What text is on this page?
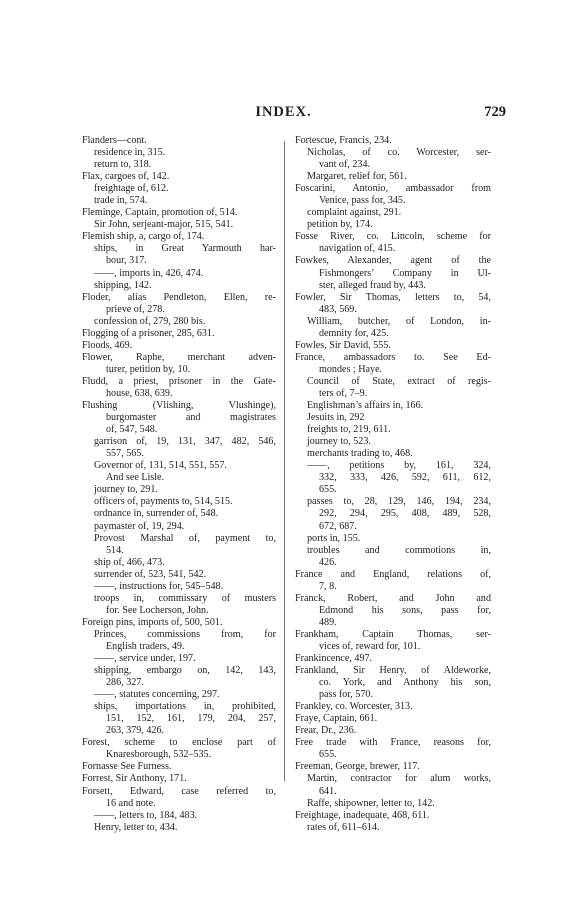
INDEX.	729
Flanders—cont.
residence in, 315.
return to, 318.
Flax, cargoes of, 142.
freightage of, 612.
trade in, 574.
Fleminge, Captain, promotion of, 514.
Sir John, serjeant-major, 515, 541.
Flemish ship, a, cargo of, 174.
ships, in Great Yarmouth har-
bour, 317.
——, imports in, 426, 474.
shipping, 142.
Floder, alias Pendleton, Ellen, re-
prieve of, 278.
confession of, 279, 280 bis.
Flogging of a prisoner, 285, 631.
Floods, 469.
Flower, Raphe, merchant adven-
turer, petition by, 10.
Fludd, a priest, prisoner in the Gate-
house, 638, 639.
Flushing (Vlishing, Vlushinge),
burgomaster and magistrates
of, 547, 548.
garrison of, 19, 131, 347, 482, 546,
557, 565.
Governor of, 131, 514, 551, 557.
And see Lisle.
journey to, 291.
officers of, payments to, 514, 515.
ordnance in, surrender of, 548.
paymaster of, 19, 294.
Provost Marshal of, payment to,
514.
ship of, 466, 473.
surrender of, 523, 541, 542.
——, instructions for, 545–548.
troops in, commissary of musters
for. See Locherson, John.
Foreign pins, imports of, 500, 501.
Princes, commissions from, for
English traders, 49.
——, service under, 197.
shipping, embargo on, 142, 143,
286, 327.
——, statutes concerning, 297.
ships, importations in, prohibited,
151, 152, 161, 179, 204, 257,
263, 379, 426.
Forest, scheme to enclose part of
Knaresborough, 532–535.
Fornasse See Furness.
Forrest, Sir Anthony, 171.
Forsett, Edward, case referred to,
16 and note.
——, letters to, 184, 483.
Henry, letter to, 434.
Fortescue, Francis, 234.
Nicholas, of co. Worcester, ser-
vant of, 234.
Margaret, relief for, 561.
Foscarini, Antonio, ambassador from
Venice, pass for, 345.
complaint against, 291.
petition by, 174.
Fosse River, co. Lincoln, scheme for
navigation of, 415.
Fowkes, Alexander, agent of the
Fishmongers’ Company in Ul-
ster, alleged fraud by, 443.
Fowler, Sir Thomas, letters to, 54,
483, 569.
William, butcher, of London, in-
demnity for, 425.
Fowles, Sir David, 555.
France, ambassadors to. See Ed-
mondes ; Haye.
Council of State, extract of regis-
ters of, 7–9.
Englishman’s affairs in, 166.
Jesuits in, 292
freights to, 219, 611.
journey to, 523.
merchants trading to, 468.
——, petitions by, 161, 324,
332, 333, 426, 592, 611, 612,
655.
passes to, 28, 129, 146, 194, 234,
292, 294, 295, 408, 489, 528,
672, 687.
ports in, 155.
troubles and commotions in,
426.
France and England, relations of,
7, 8.
Franck, Robert, and John and
Edmond his sons, pass for,
489.
Frankham, Captain Thomas, ser-
vices of, reward for, 101.
Frankincence, 497.
Frankland, Sir Henry, of Aldeworke,
co. York, and Anthony his son,
pass for, 570.
Frankley, co. Worcester, 313.
Fraye, Captain, 661.
Frear, Dr., 236.
Free trade with France, reasons for,
655.
Freeman, George, brewer, 117.
Martin, contractor for alum works,
641.
Raffe, shipowner, letter to, 142.
Freightage, inadequate, 468, 611.
rates of, 611–614.
